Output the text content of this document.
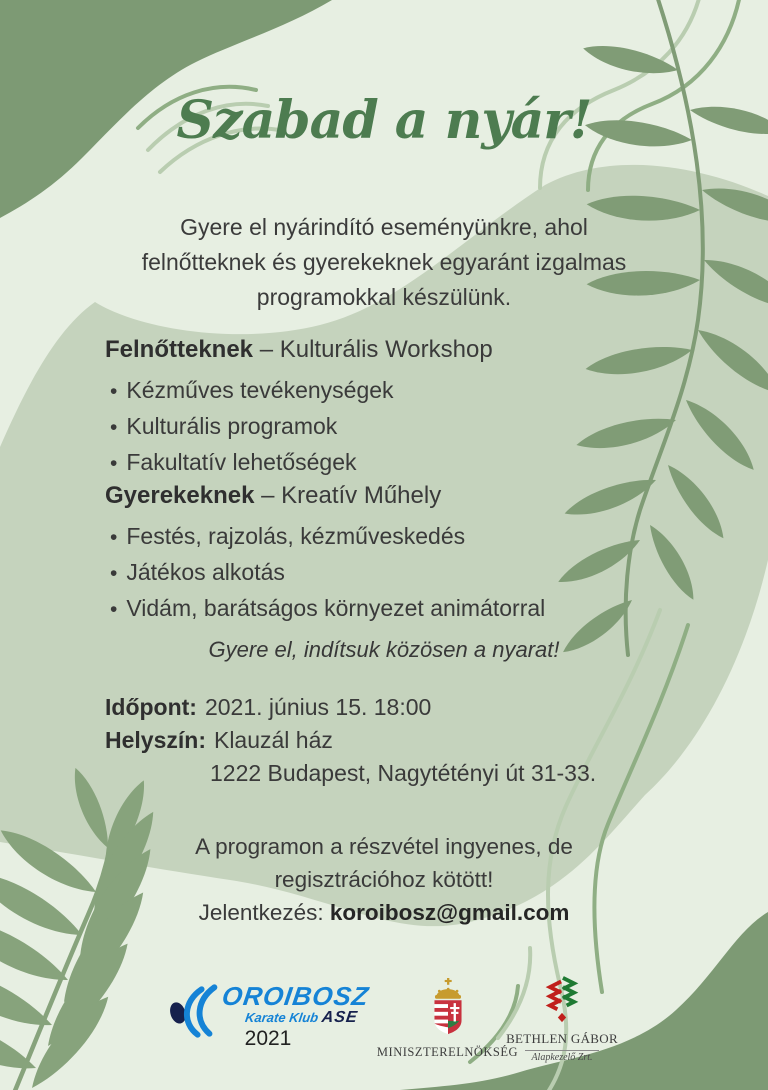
Szabad a nyár!
Gyere el nyárindító eseményünkre, ahol
felnőtteknek és gyerekeknek egyaránt izgalmas
programokkal készülünk.
Felnőtteknek – Kulturális Workshop
• Kézműves tevékenységek
• Kulturális programok
• Fakultatív lehetőségek
Gyerekeknek – Kreatív Műhely
• Festés, rajzolás, kézműveskedés
• Játékos alkotás
• Vidám, barátságos környezet animátorral
Gyere el, indítsuk közösen a nyarat!
Időpont: 2021. június 15. 18:00
Helyszín: Klauzál ház
1222 Budapest, Nagytétényi út 31-33.
A programon a részvétel ingyenes, de
regisztrációhoz kötött!
Jelentkezés: koroibosz@gmail.com
OROIBOSZ
Karate Klub ASE
2021
MINISZTERELNÖKSÉG
BETHLEN GÁBOR
Alapkezelő Zrt.
